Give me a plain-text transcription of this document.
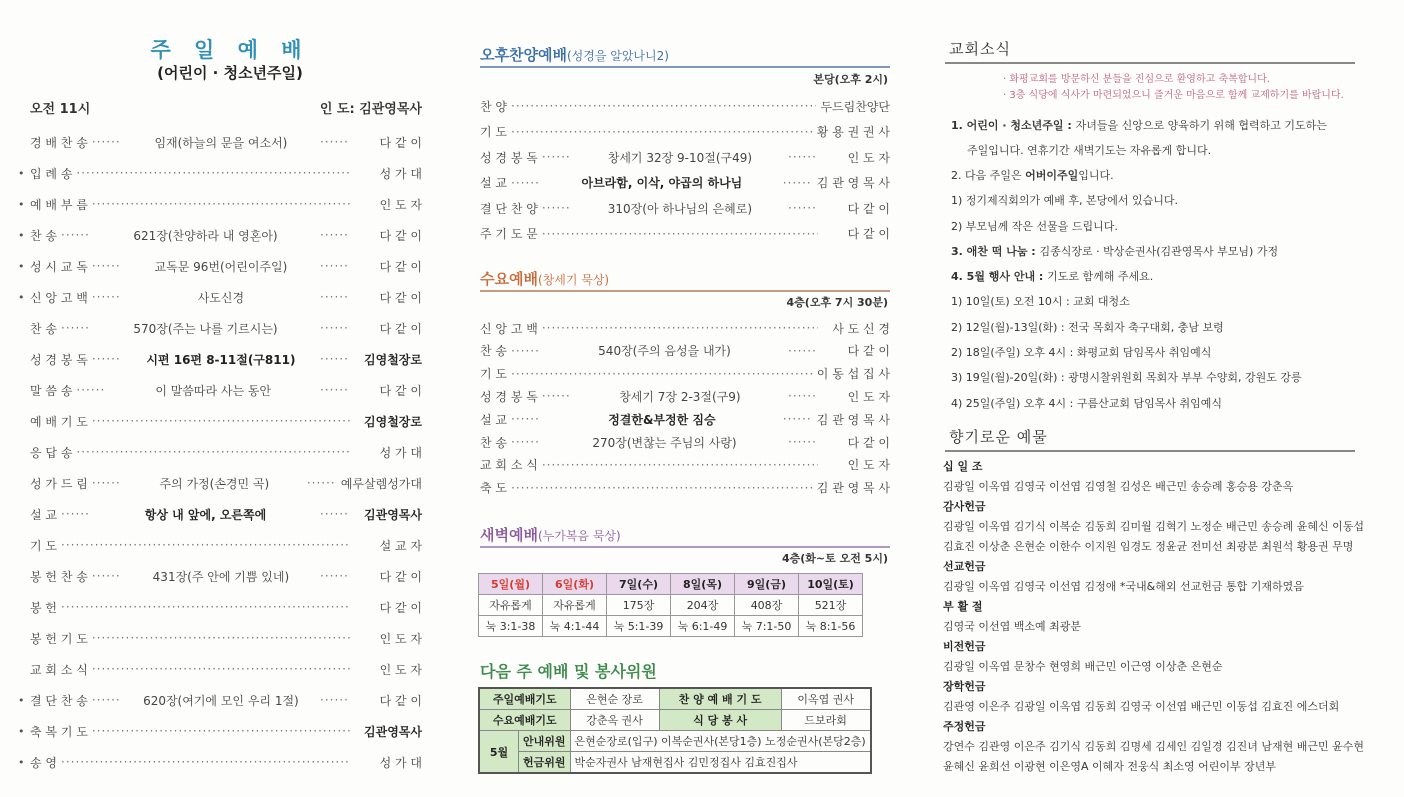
주 일 예 배
(어린이 · 청소년주일)
오전 11시	인 도: 김관영목사
경 배 찬 송 ·····	임재(하늘의 문을 여소서) ·····	다 같 이
• 입 례 송 ·····	성 가 대
• 예 배 부 름 ·····	인 도 자
• 찬 송 ·····	621장(찬양하라 내 영혼아) ·····	다 같 이
• 성 시 교 독 ·····	교독문 96번(어린이주일) ·····	다 같 이
• 신 앙 고 백 ·····	사도신경 ·····	다 같 이
찬 송 ·····	570장(주는 나를 기르시는) ·····	다 같 이
성 경 봉 독 ·····	시편 16편 8-11절(구811) ·····	김영철장로
말 씀 송 ·····	이 말씀따라 사는 동안 ·····	다 같 이
예 배 기 도 ·····	김영철장로
응 답 송 ·····	성 가 대
성 가 드 림 ·····	주의 가정(손경민 곡) ·····	예루살렘성가대
설 교 ·····	항상 내 앞에, 오른쪽에 ·····	김관영목사
기 도 ·····	설 교 자
봉 헌 찬 송 ·····	431장(주 안에 기쁨 있네) ·····	다 같 이
봉 헌 ·····	다 같 이
봉 헌 기 도 ·····	인 도 자
교 회 소 식 ·····	인 도 자
• 결 단 찬 송 ·····	620장(여기에 모인 우리 1절) ·····	다 같 이
• 축 복 기 도 ·····	김관영목사
• 송 영 ·····	성 가 대
오후찬양예배(성경을 알았나니2)
본당(오후 2시)
찬 양 ·····	두드림찬양단
기 도 ·····	황 용 권 권 사
성 경 봉 독 ·····	창세기 32장 9-10절(구49) ·····	인 도 자
설 교 ·····	아브라함, 이삭, 야곱의 하나님 ·····	김 관 영 목 사
결 단 찬 양 ·····	310장(아 하나님의 은혜로) ·····	다 같 이
주 기 도 문 ·····	다 같 이
수요예배(창세기 묵상)
4층(오후 7시 30분)
신 앙 고 백 ·····	사 도 신 경
찬 송 ·····	540장(주의 음성을 내가) ·····	다 같 이
기 도 ·····	이 동 섭 집 사
성 경 봉 독 ·····	창세기 7장 2-3절(구9) ·····	인 도 자
설 교 ·····	정결한&부정한 짐승 ·····	김 관 영 목 사
찬 송 ·····	270장(변찮는 주님의 사랑) ·····	다 같 이
교 회 소 식 ·····	인 도 자
축 도 ·····	김 관 영 목 사
새벽예배(누가복음 묵상)
4층(화~토 오전 5시)
5일(월)	6일(화)	7일(수)	8일(목)	9일(금)	10일(토)
자유롭게	자유롭게	175장	204장	408장	521장
눅 3:1-38	눅 4:1-44	눅 5:1-39	눅 6:1-49	눅 7:1-50	눅 8:1-56
다음 주 예배 및 봉사위원
주일예배기도		은현순 장로	찬 양 예 배 기 도	이옥엽 권사
수요예배기도		강춘옥 권사	식 당 봉 사	드보라회
5월	안내위원	은현순장로(입구) 이복순권사(본당1층) 노정순권사(본당2층)		
	헌금위원	박순자권사 남재현집사 김민정집사 김효진집사		
교회소식
· 화평교회를 방문하신 분들을 진심으로 환영하고 축복합니다.
· 3층 식당에 식사가 마련되었으니 즐거운 마음으로 함께 교제하기를 바랍니다.
1. 어린이 · 청소년주일 : 자녀들을 신앙으로 양육하기 위해 협력하고 기도하는
주일입니다. 연휴기간 새벽기도는 자유롭게 합니다.
2. 다음 주일은 어버이주일입니다.
1) 정기제직회의가 예배 후, 본당에서 있습니다.
2) 부모님께 작은 선물을 드립니다.
3. 애찬 떡 나눔 : 김종식장로 · 박상순권사(김관영목사 부모님) 가정
4. 5월 행사 안내 : 기도로 함께해 주세요.
1) 10일(토) 오전 10시 : 교회 대청소
2) 12일(월)-13일(화) : 전국 목회자 축구대회, 충남 보령
2) 18일(주일) 오후 4시 : 화평교회 담임목사 취임예식
3) 19일(월)-20일(화) : 광명시찰위원회 목회자 부부 수양회, 강원도 강릉
4) 25일(주일) 오후 4시 : 구름산교회 담임목사 취임예식
향기로운 예물
십 일 조
김광일 이옥엽 김영국 이선엽 김영철 김성은 배근민 송승례 홍승용 강춘옥
감사헌금
김광일 이옥엽 김기식 이복순 김동희 김미월 김혁기 노정순 배근민 송승례 윤혜신 이동섭
김효진 이상춘 은현순 이한수 이지원 임경도 정윤균 전미선 최광분 최원석 황용권 무명
선교헌금
김광일 이옥엽 김영국 이선엽 김정애 *국내&해외 선교헌금 통합 기재하였음
부 활 절
김영국 이선엽 백소예 최광분
비전헌금
김광일 이옥엽 문창수 현영희 배근민 이근영 이상춘 은현순
장학헌금
김관영 이은주 김광일 이옥엽 김동희 김영국 이선엽 배근민 이동섭 김효진 에스더회
주정헌금
강연수 김관영 이은주 김기식 김동희 김명세 김세인 김일경 김진녀 남재현 배근민 윤수현
윤혜신 윤희선 이광현 이은영A 이혜자 전웅식 최소영 어린이부 장년부
